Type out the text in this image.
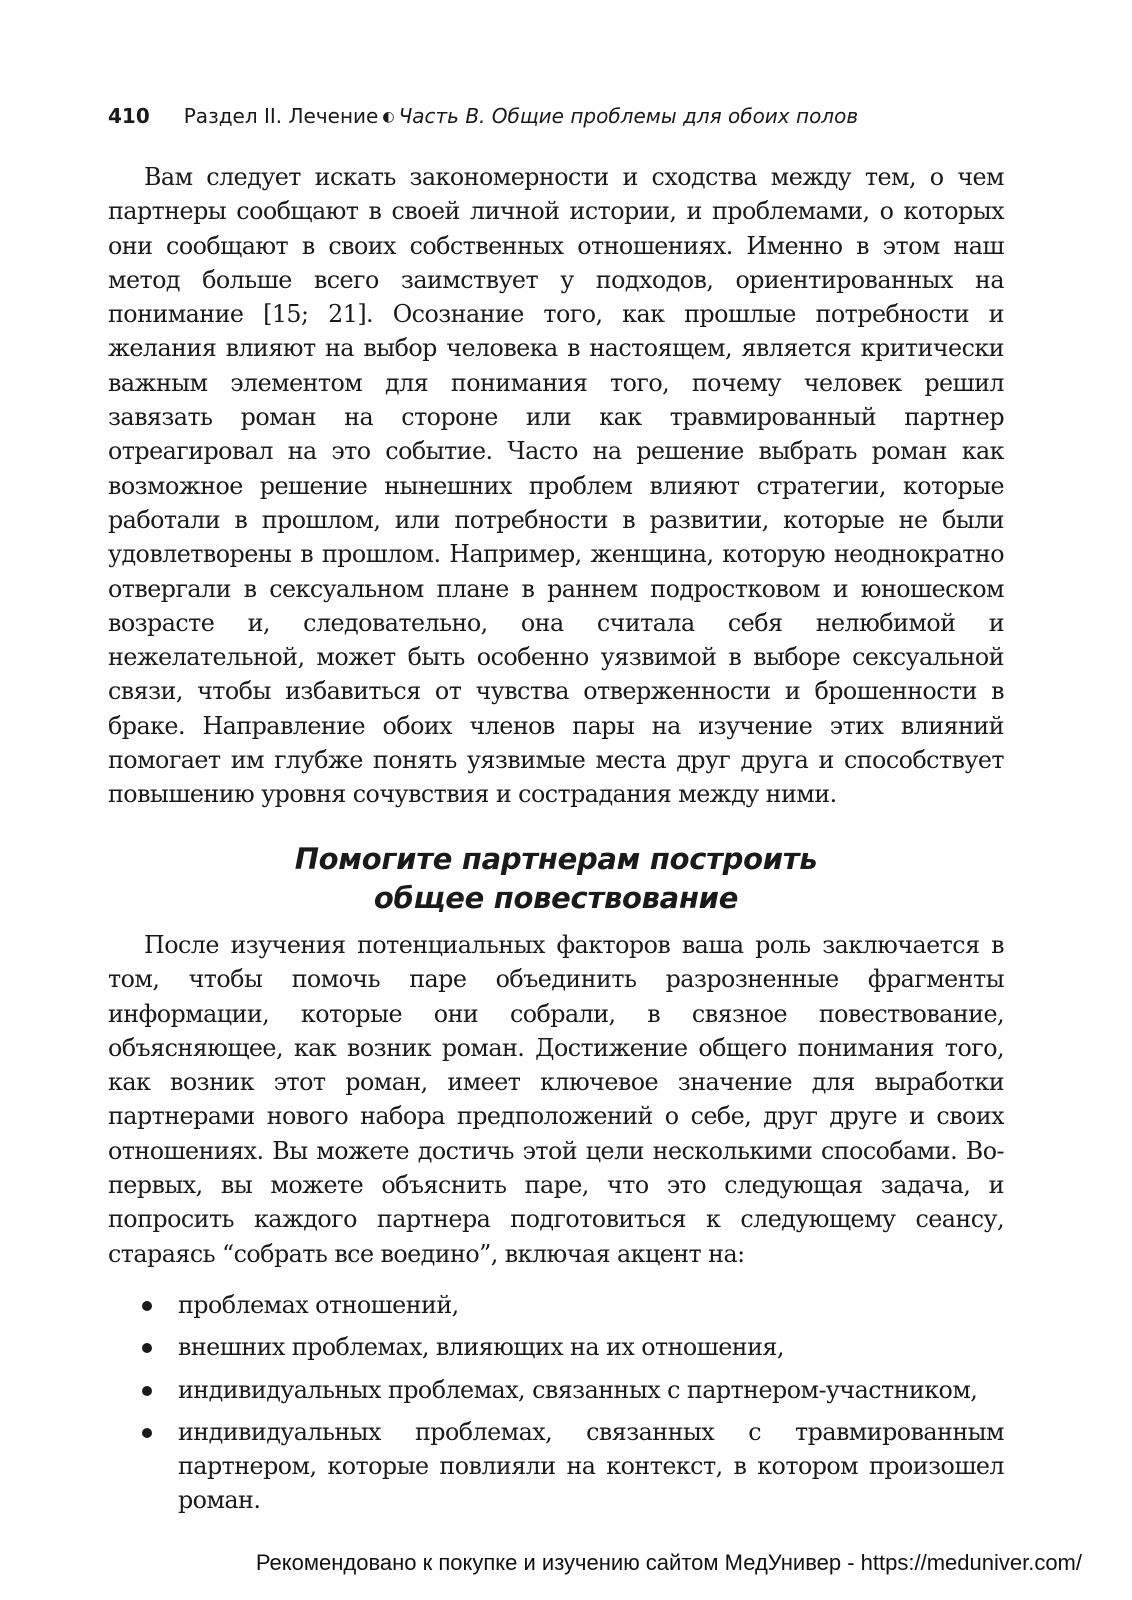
410 Раздел II. Лечение ◐ Часть B. Общие проблемы для обоих полов

Вам следует искать закономерности и сходства между тем, о чем партнеры сообщают в своей личной истории, и проблемами, о которых они сообщают в своих собственных отношениях. Именно в этом наш метод больше всего заимствует у подходов, ориентированных на понимание [15; 21]. Осознание того, как прошлые потребности и желания влияют на выбор человека в настоящем, является критически важным элементом для понимания того, почему человек решил завязать роман на стороне или как травмированный партнер отреагировал на это событие. Часто на решение выбрать роман как возможное решение нынешних проблем влияют стратегии, которые работали в прошлом, или потребности в развитии, которые не были удовлетворены в прошлом. Например, женщина, которую неоднократно отвергали в сексуальном плане в раннем подростковом и юношеском возрасте и, следовательно, она считала себя нелюбимой и нежелательной, может быть особенно уязвимой в выборе сексуальной связи, чтобы избавиться от чувства отверженности и брошенности в браке. Направление обоих членов пары на изучение этих влияний помогает им глубже понять уязвимые места друг друга и способствует повышению уровня сочувствия и сострадания между ними.

Помогите партнерам построить
общее повествование

После изучения потенциальных факторов ваша роль заключается в том, чтобы помочь паре объединить разрозненные фрагменты информации, которые они собрали, в связное повествование, объясняющее, как возник роман. Достижение общего понимания того, как возник этот роман, имеет ключевое значение для выработки партнерами нового набора предположений о себе, друг друге и своих отношениях. Вы можете достичь этой цели несколькими способами. Во-первых, вы можете объяснить паре, что это следующая задача, и попросить каждого партнера подготовиться к следующему сеансу, стараясь “собрать все воедино”, включая акцент на:

проблемах отношений,
внешних проблемах, влияющих на их отношения,
индивидуальных проблемах, связанных с партнером-участником,
индивидуальных проблемах, связанных с травмированным партнером, которые повлияли на контекст, в котором произошел роман.
Рекомендовано к покупке и изучению сайтом МедУнивер - https://meduniver.com/
